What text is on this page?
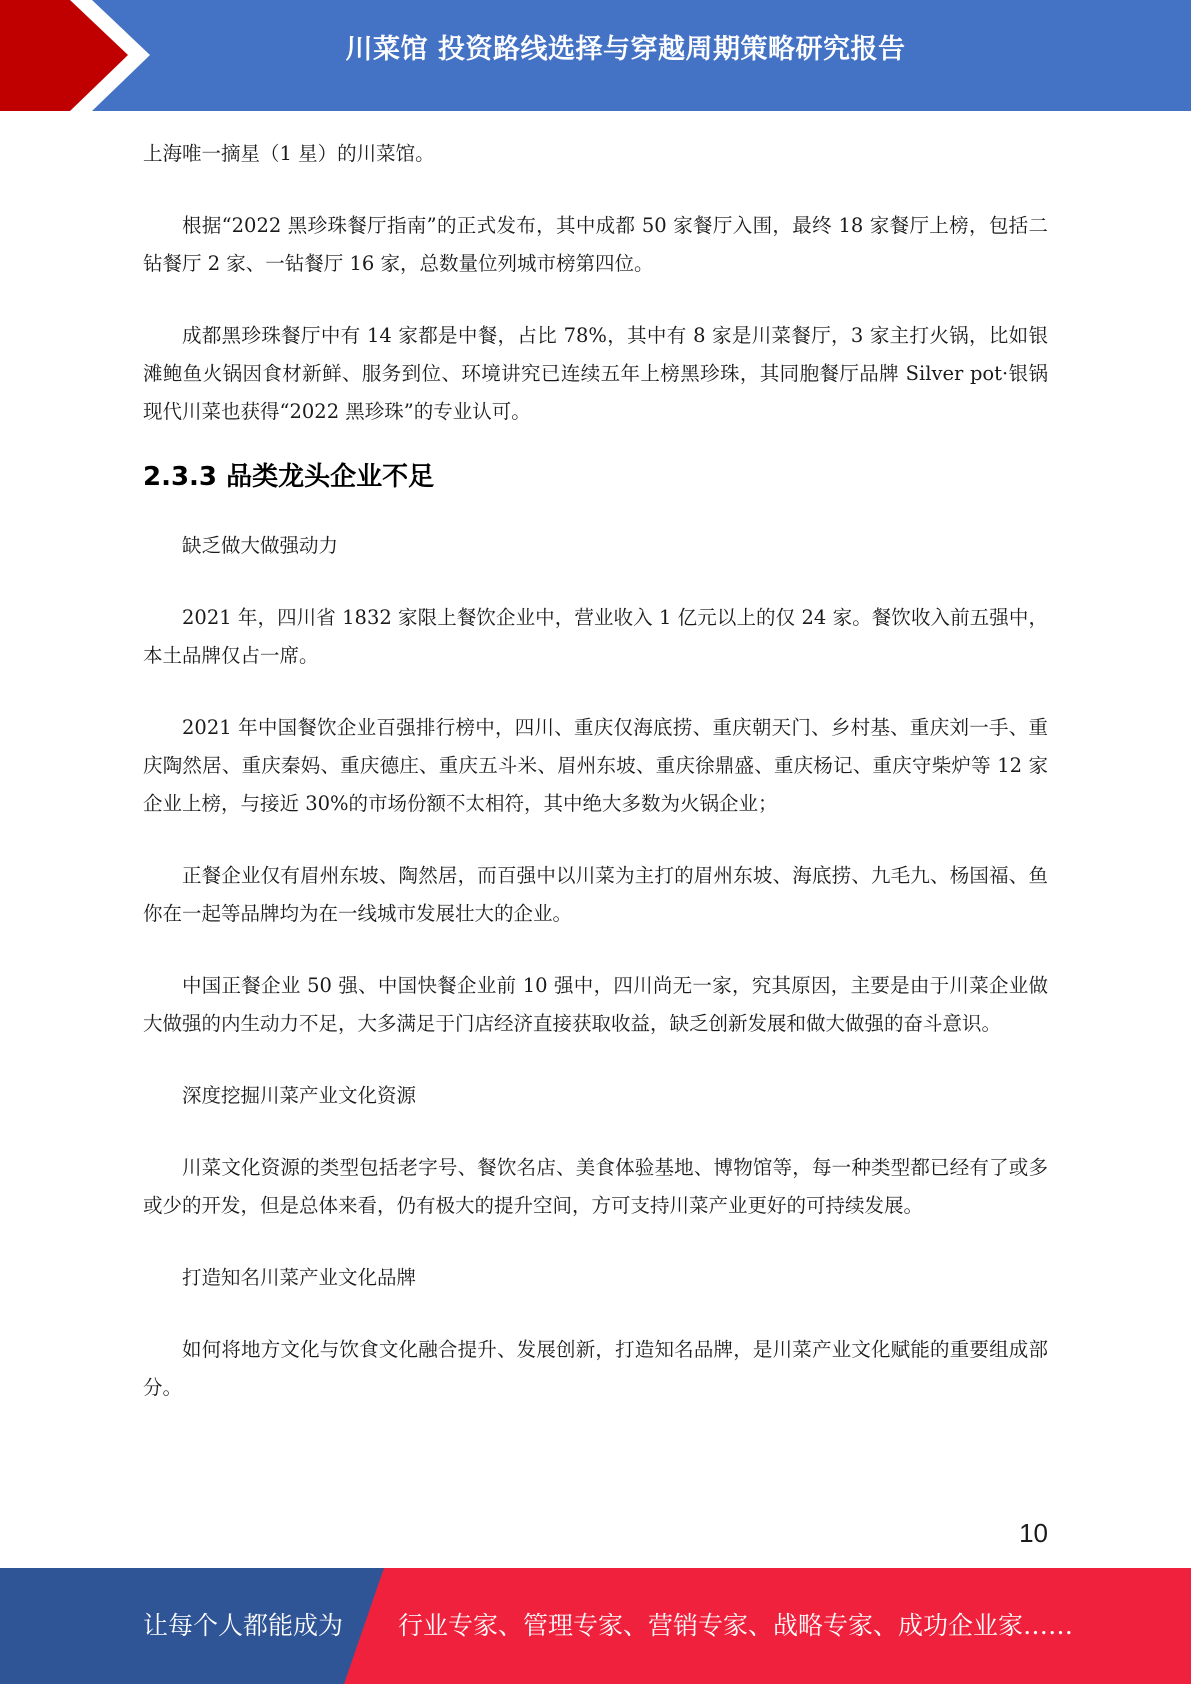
川菜馆 投资路线选择与穿越周期策略研究报告

上海唯一摘星（1 星）的川菜馆。

根据“2022 黑珍珠餐厅指南”的正式发布，其中成都 50 家餐厅入围，最终 18 家餐厅上榜，包括二钻餐厅 2 家、一钻餐厅 16 家，总数量位列城市榜第四位。

成都黑珍珠餐厅中有 14 家都是中餐，占比 78%，其中有 8 家是川菜餐厅，3 家主打火锅，比如银滩鲍鱼火锅因食材新鲜、服务到位、环境讲究已连续五年上榜黑珍珠，其同胞餐厅品牌 Silver pot·银锅现代川菜也获得“2022 黑珍珠”的专业认可。

2.3.3 品类龙头企业不足

缺乏做大做强动力

2021 年，四川省 1832 家限上餐饮企业中，营业收入 1 亿元以上的仅 24 家。餐饮收入前五强中，本土品牌仅占一席。

2021 年中国餐饮企业百强排行榜中，四川、重庆仅海底捞、重庆朝天门、乡村基、重庆刘一手、重庆陶然居、重庆秦妈、重庆德庄、重庆五斗米、眉州东坡、重庆徐鼎盛、重庆杨记、重庆守柴炉等 12 家企业上榜，与接近 30%的市场份额不太相符，其中绝大多数为火锅企业；

正餐企业仅有眉州东坡、陶然居，而百强中以川菜为主打的眉州东坡、海底捞、九毛九、杨国福、鱼你在一起等品牌均为在一线城市发展壮大的企业。

中国正餐企业 50 强、中国快餐企业前 10 强中，四川尚无一家，究其原因，主要是由于川菜企业做大做强的内生动力不足，大多满足于门店经济直接获取收益，缺乏创新发展和做大做强的奋斗意识。

深度挖掘川菜产业文化资源

川菜文化资源的类型包括老字号、餐饮名店、美食体验基地、博物馆等，每一种类型都已经有了或多或少的开发，但是总体来看，仍有极大的提升空间，方可支持川菜产业更好的可持续发展。

打造知名川菜产业文化品牌

如何将地方文化与饮食文化融合提升、发展创新，打造知名品牌，是川菜产业文化赋能的重要组成部分。

10
让每个人都能成为 行业专家、管理专家、营销专家、战略专家、成功企业家……
